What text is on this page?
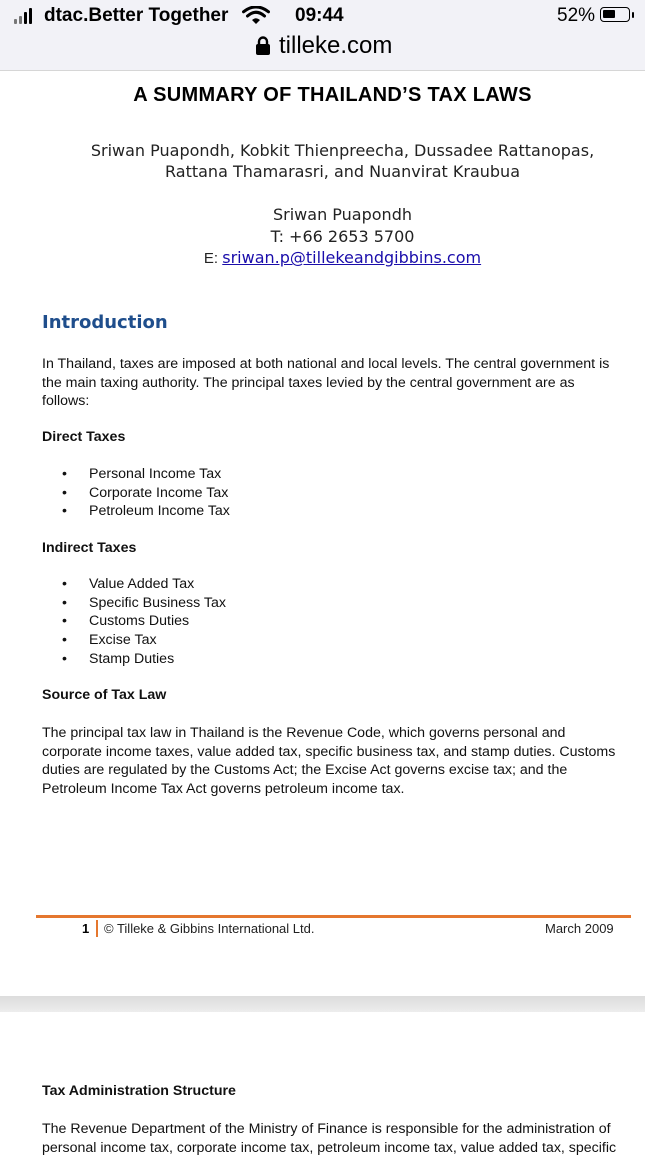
dtac.Better Together	09:44	52%
tilleke.com
A SUMMARY OF THAILAND’S TAX LAWS
Sriwan Puapondh, Kobkit Thienpreecha, Dussadee Rattanopas,
Rattana Thamarasri, and Nuanvirat Kraubua
Sriwan Puapondh
T: +66 2653 5700
E: sriwan.p@tillekeandgibbins.com
Introduction
In Thailand, taxes are imposed at both national and local levels. The central government is
the main taxing authority. The principal taxes levied by the central government are as
follows:
Direct Taxes
• Personal Income Tax
• Corporate Income Tax
• Petroleum Income Tax
Indirect Taxes
• Value Added Tax
• Specific Business Tax
• Customs Duties
• Excise Tax
• Stamp Duties
Source of Tax Law
The principal tax law in Thailand is the Revenue Code, which governs personal and
corporate income taxes, value added tax, specific business tax, and stamp duties. Customs
duties are regulated by the Customs Act; the Excise Act governs excise tax; and the
Petroleum Income Tax Act governs petroleum income tax.
1 © Tilleke & Gibbins International Ltd.	March 2009
Tax Administration Structure
The Revenue Department of the Ministry of Finance is responsible for the administration of
personal income tax, corporate income tax, petroleum income tax, value added tax, specific
